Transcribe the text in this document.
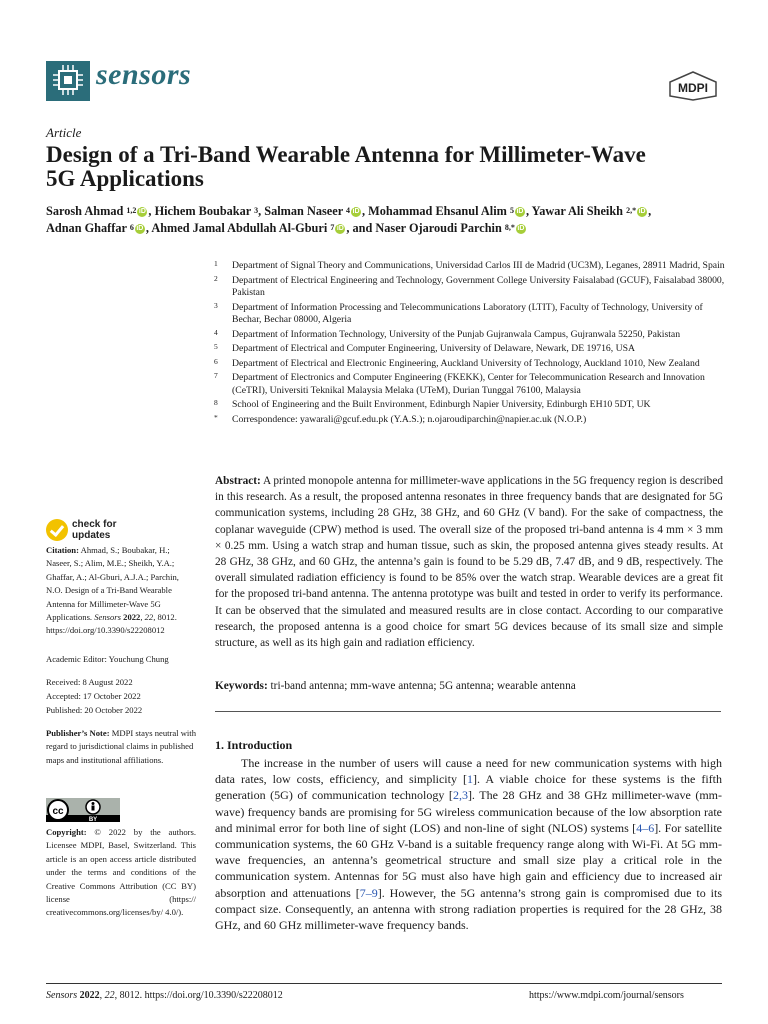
sensors	MDPI
Article
Design of a Tri-Band Wearable Antenna for Millimeter-Wave
5G Applications
Sarosh Ahmad $^{1,2}$ iD , Hichem Boubakar $^3$, Salman Naseer $^4$ iD , Mohammad Ehsanul Alim $^5$ iD , Yawar Ali Sheikh $^{2,*}$ iD ,
Adnan Ghaffar $^6$ iD , Ahmed Jamal Abdullah Al-Gburi $^7$ iD , and Naser Ojaroudi Parchin $^{8,*}$ iD
1 Department of Signal Theory and Communications, Universidad Carlos III de Madrid (UC3M), Leganes, 28911 Madrid, Spain
2 Department of Electrical Engineering and Technology, Government College University Faisalabad (GCUF), Faisalabad 38000, Pakistan
3 Department of Information Processing and Telecommunications Laboratory (LTIT), Faculty of Technology, University of Bechar, Bechar 08000, Algeria
4 Department of Information Technology, University of the Punjab Gujranwala Campus, Gujranwala 52250, Pakistan
5 Department of Electrical and Computer Engineering, University of Delaware, Newark, DE 19716, USA
6 Department of Electrical and Electronic Engineering, Auckland University of Technology, Auckland 1010, New Zealand
7 Department of Electronics and Computer Engineering (FKEKK), Center for Telecommunication Research and Innovation (CeTRI), Universiti Teknikal Malaysia Melaka (UTeM), Durian Tunggal 76100, Malaysia
8 School of Engineering and the Built Environment, Edinburgh Napier University, Edinburgh EH10 5DT, UK
* Correspondence: yawarali@gcuf.edu.pk (Y.A.S.); n.ojaroudiparchin@napier.ac.uk (N.O.P.)
Abstract: A printed monopole antenna for millimeter-wave applications in the 5G frequency region is described in this research. As a result, the proposed antenna resonates in three frequency bands that are designated for 5G communication systems, including 28 GHz, 38 GHz, and 60 GHz (V band). For the sake of compactness, the coplanar waveguide (CPW) method is used. The overall size of the proposed tri-band antenna is 4 mm × 3 mm × 0.25 mm. Using a watch strap and human tissue, such as skin, the proposed antenna gives steady results. At 28 GHz, 38 GHz, and 60 GHz, the antenna’s gain is found to be 5.29 dB, 7.47 dB, and 9 dB, respectively. The overall simulated radiation efficiency is found to be 85% over the watch strap. Wearable devices are a great fit for the proposed tri-band antenna. The antenna prototype was built and tested in order to verify its performance. It can be observed that the simulated and measured results are in close contact. According to our comparative research, the proposed antenna is a good choice for smart 5G devices because of its small size and simple structure, as well as its high gain and radiation efficiency.
Keywords: tri-band antenna; mm-wave antenna; 5G antenna; wearable antenna
1. Introduction

The increase in the number of users will cause a need for new communication systems with high data rates, low costs, efficiency, and simplicity [1]. A viable choice for these systems is the fifth generation (5G) of communication technology [2,3]. The 28 GHz and 38 GHz millimeter-wave (mm-wave) frequency bands are promising for 5G wireless communication because of the low absorption rate and minimal error for both line of sight (LOS) and non-line of sight (NLOS) systems [4–6]. For satellite communication systems, the 60 GHz V-band is a suitable frequency range along with Wi-Fi. At 5G mm-wave frequencies, an antenna’s geometrical structure and small size play a critical role in the communication system. Antennas for 5G must also have high gain and efficiency due to increased air absorption and attenuations [7–9]. However, the 5G antenna’s strong gain is compromised due to its compact size. Consequently, an antenna with strong radiation properties is required for the 28 GHz, 38 GHz, and 60 GHz millimeter-wave frequency bands.

check for
updates
Citation: Ahmad, S.; Boubakar, H.; Naseer, S.; Alim, M.E.; Sheikh, Y.A.; Ghaffar, A.; Al-Gburi, A.J.A.; Parchin, N.O. Design of a Tri-Band Wearable Antenna for Millimeter-Wave 5G Applications. Sensors 2022, 22, 8012. https://doi.org/10.3390/s22208012
Academic Editor: Youchung Chung
Received: 8 August 2022
Accepted: 17 October 2022
Published: 20 October 2022
Publisher’s Note: MDPI stays neutral with regard to jurisdictional claims in published maps and institutional affiliations.
cc
BY
Copyright: © 2022 by the authors. Licensee MDPI, Basel, Switzerland. This article is an open access article distributed under the terms and conditions of the Creative Commons Attribution (CC BY) license (https:// creativecommons.org/licenses/by/ 4.0/).
Sensors 2022, 22, 8012. https://doi.org/10.3390/s22208012	https://www.mdpi.com/journal/sensors
